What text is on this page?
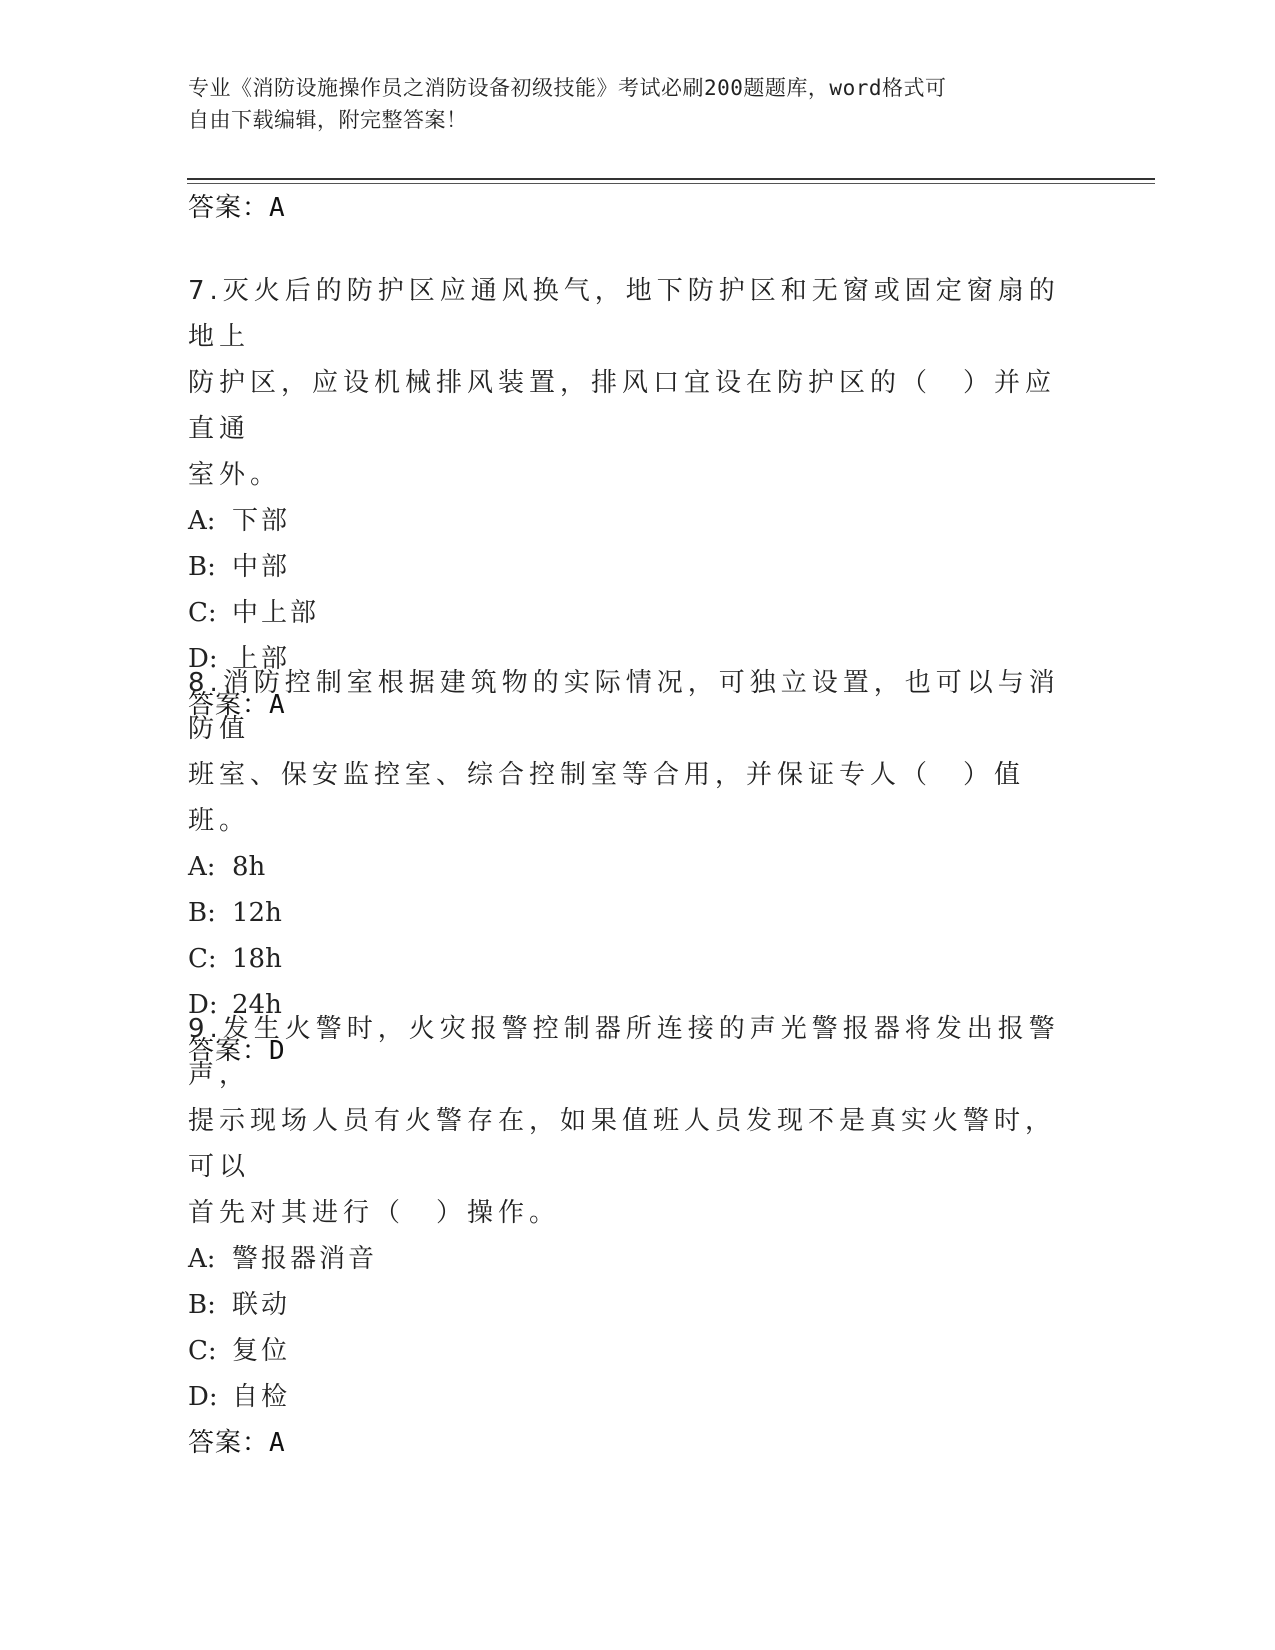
专业《消防设施操作员之消防设备初级技能》考试必刷200题题库，word格式可
自由下载编辑，附完整答案！
答案：A
7.灭火后的防护区应通风换气，地下防护区和无窗或固定窗扇的地上
防护区，应设机械排风装置，排风口宜设在防护区的（　）并应直通
室外。
A: 下部
B: 中部
C: 中上部
D: 上部
答案：A
8.消防控制室根据建筑物的实际情况，可独立设置，也可以与消防值
班室、保安监控室、综合控制室等合用，并保证专人（　）值班。
A: 8h
B: 12h
C: 18h
D: 24h
答案：D
9.发生火警时，火灾报警控制器所连接的声光警报器将发出报警声，
提示现场人员有火警存在，如果值班人员发现不是真实火警时，可以
首先对其进行（　）操作。
A: 警报器消音
B: 联动
C: 复位
D: 自检
答案：A
